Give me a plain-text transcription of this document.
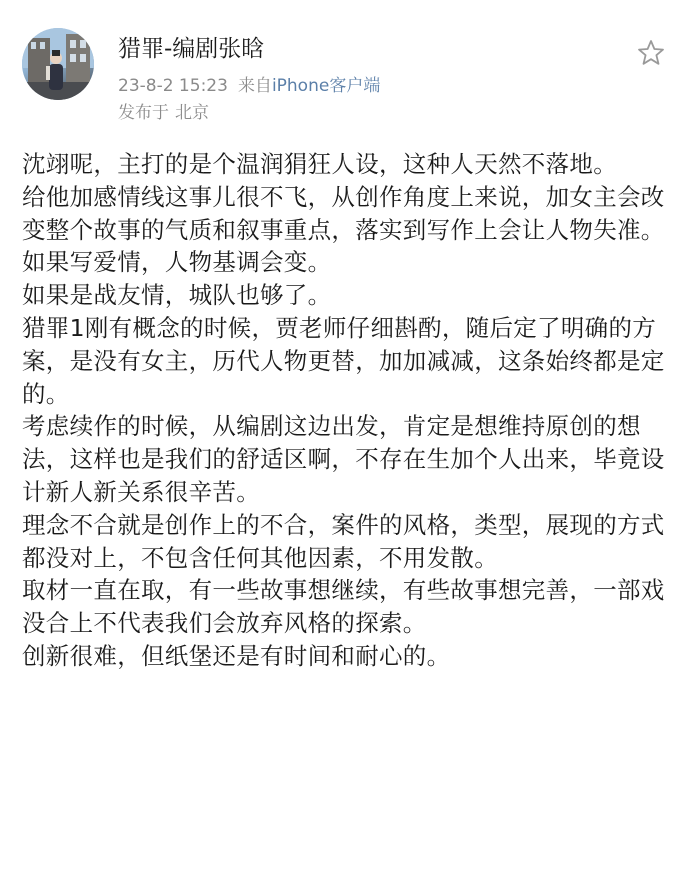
猎罪-编剧张晗
23-8-2 15:23 来自iPhone客户端
发布于 北京

沈翊呢，主打的是个温润狷狂人设，这种人天然不落地。

给他加感情线这事儿很不飞，从创作角度上来说，加女主会改变整个故事的气质和叙事重点，落实到写作上会让人物失准。

如果写爱情，人物基调会变。

如果是战友情，城队也够了。

猎罪1刚有概念的时候，贾老师仔细斟酌，随后定了明确的方案，是没有女主，历代人物更替，加加减减，这条始终都是定的。

考虑续作的时候，从编剧这边出发，肯定是想维持原创的想法，这样也是我们的舒适区啊，不存在生加个人出来，毕竟设计新人新关系很辛苦。

理念不合就是创作上的不合，案件的风格，类型，展现的方式都没对上，不包含任何其他因素，不用发散。

取材一直在取，有一些故事想继续，有些故事想完善，一部戏没合上不代表我们会放弃风格的探索。

创新很难，但纸堡还是有时间和耐心的。
